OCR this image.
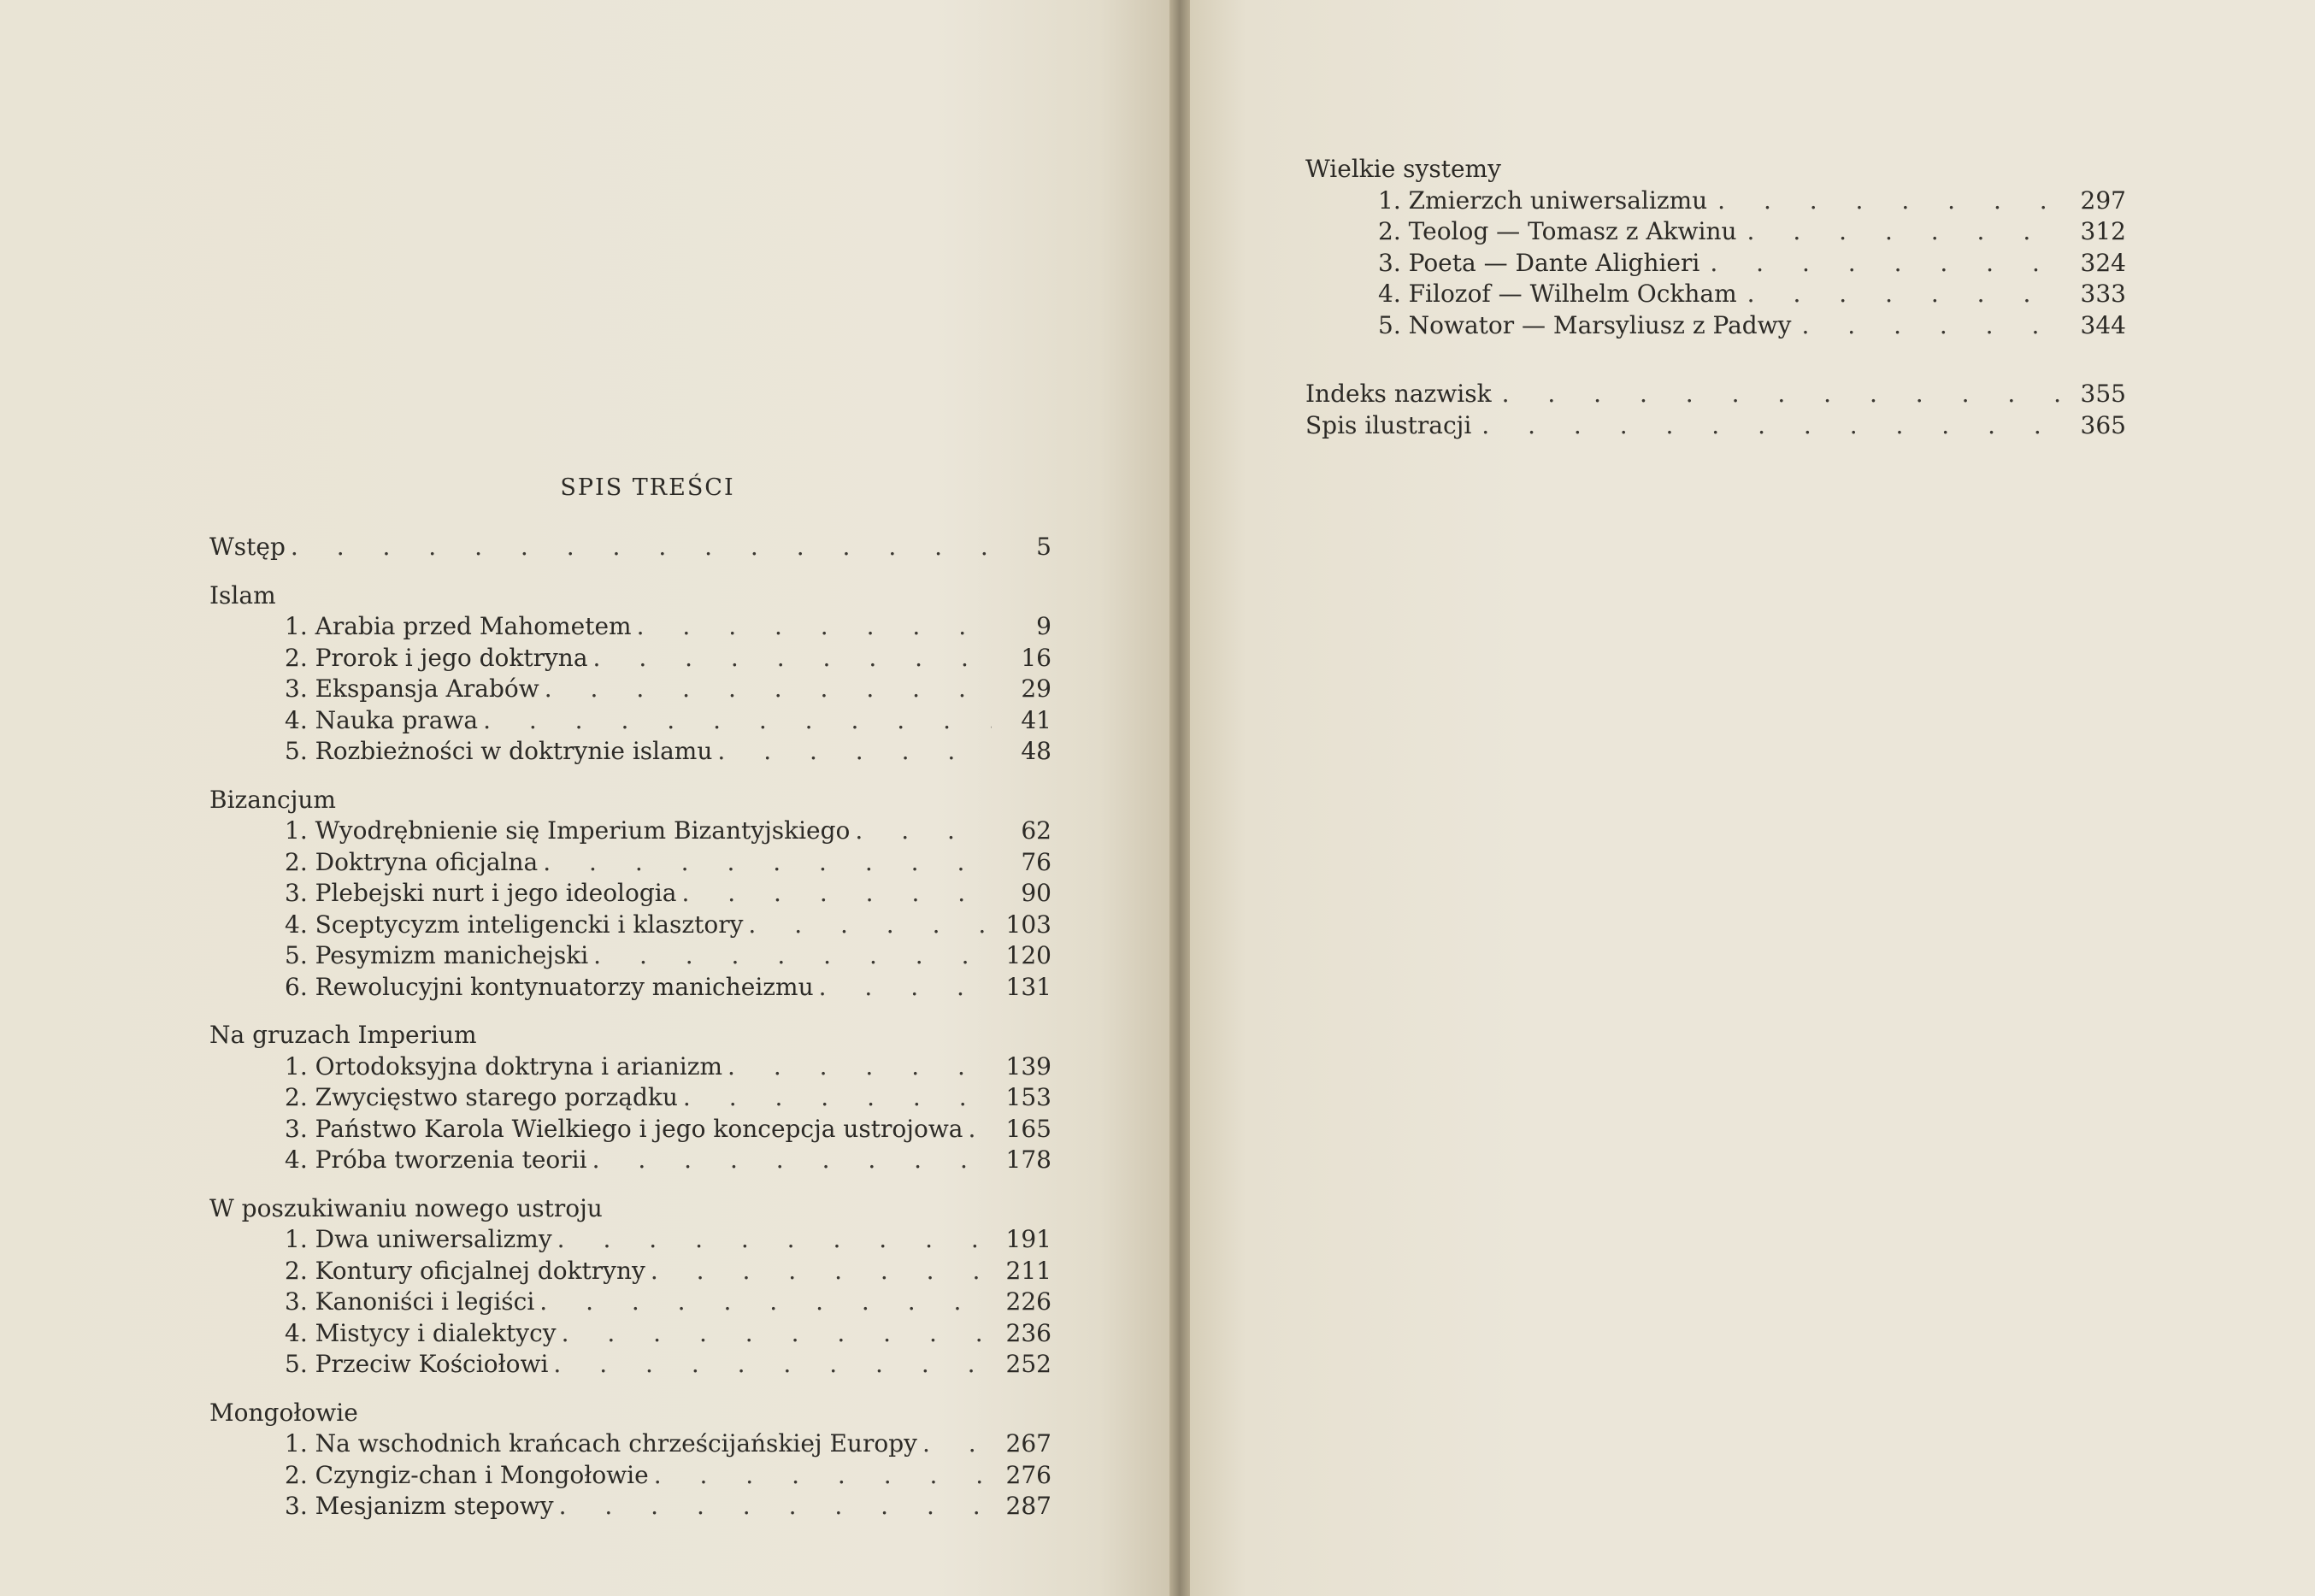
SPIS TREŚCI
Wstęp . . .	5
Islam
1. Arabia przed Mahometem . . .	9
2. Prorok i jego doktryna . . .	16
3. Ekspansja Arabów . . .	29
4. Nauka prawa . . .	41
5. Rozbieżności w doktrynie islamu . . .	48
Bizancjum
1. Wyodrębnienie się Imperium Bizantyjskiego . . .	62
2. Doktryna oficjalna . . .	76
3. Plebejski nurt i jego ideologia . . .	90
4. Sceptycyzm inteligencki i klasztory . . .	103
5. Pesymizm manichejski . . .	120
6. Rewolucyjni kontynuatorzy manicheizmu . . .	131
Na gruzach Imperium
1. Ortodoksyjna doktryna i arianizm . . .	139
2. Zwycięstwo starego porządku . . .	153
3. Państwo Karola Wielkiego i jego koncepcja ustrojowa . . . 165
4. Próba tworzenia teorii . . .	178
W poszukiwaniu nowego ustroju
1. Dwa uniwersalizmy . . .	191
2. Kontury oficjalnej doktryny . . .	211
3. Kanoniści i legiści . . .	226
4. Mistycy i dialektycy . . .	236
5. Przeciw Kościołowi . . .	252
Mongołowie
1. Na wschodnich krańcach chrześcijańskiej Europy . . .	267
2. Czyngiz-chan i Mongołowie . . .	276
3. Mesjanizm stepowy . . .	287
Wielkie systemy
1. Zmierzch uniwersalizmu . . .	297
2. Teolog — Tomasz z Akwinu . . .	312
3. Poeta — Dante Alighieri . . .	324
4. Filozof — Wilhelm Ockham . . .	333
5. Nowator — Marsyliusz z Padwy . . .	344
Indeks nazwisk . . .	355
Spis ilustracji . . .	365
